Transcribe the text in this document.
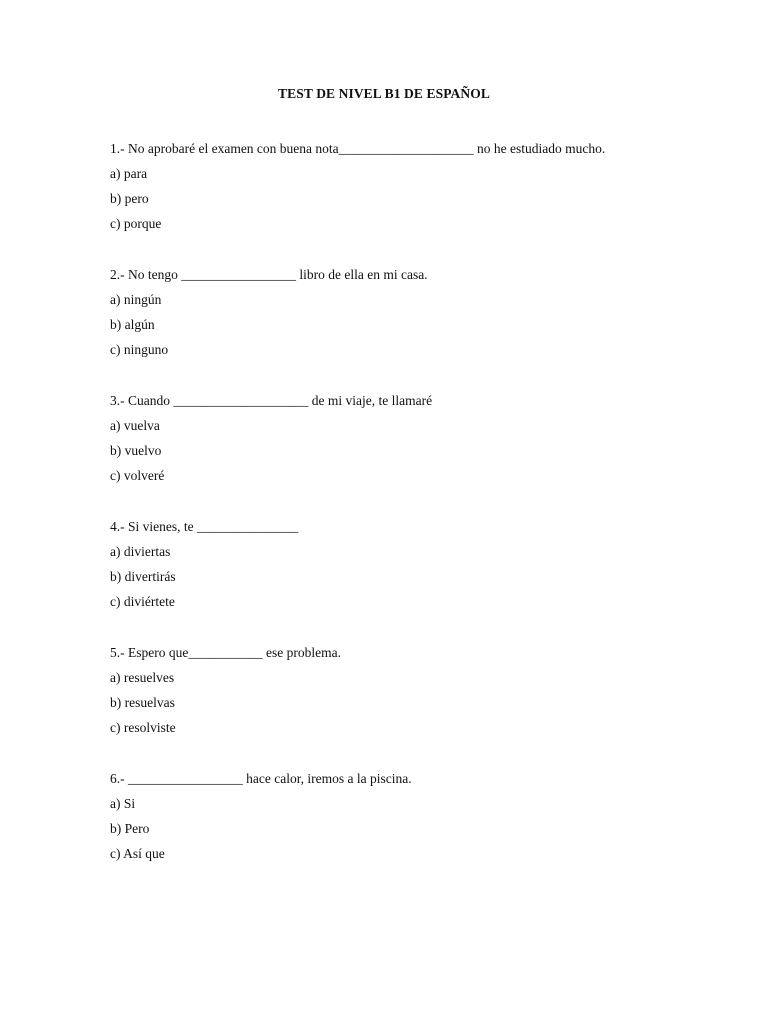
TEST DE NIVEL B1 DE ESPAÑOL
1.- No aprobaré el examen con buena nota____________________ no he estudiado mucho.
a) para
b) pero
c) porque
2.- No tengo _________________ libro de ella en mi casa.
a) ningún
b) algún
c) ninguno
3.- Cuando ____________________ de mi viaje, te llamaré
a) vuelva
b) vuelvo
c) volveré
4.- Si vienes, te _______________
a) diviertas
b) divertirás
c) diviértete
5.- Espero que___________ ese problema.
a) resuelves
b) resuelvas
c) resolviste
6.- _________________ hace calor, iremos a la piscina.
a) Si
b) Pero
c) Así que
